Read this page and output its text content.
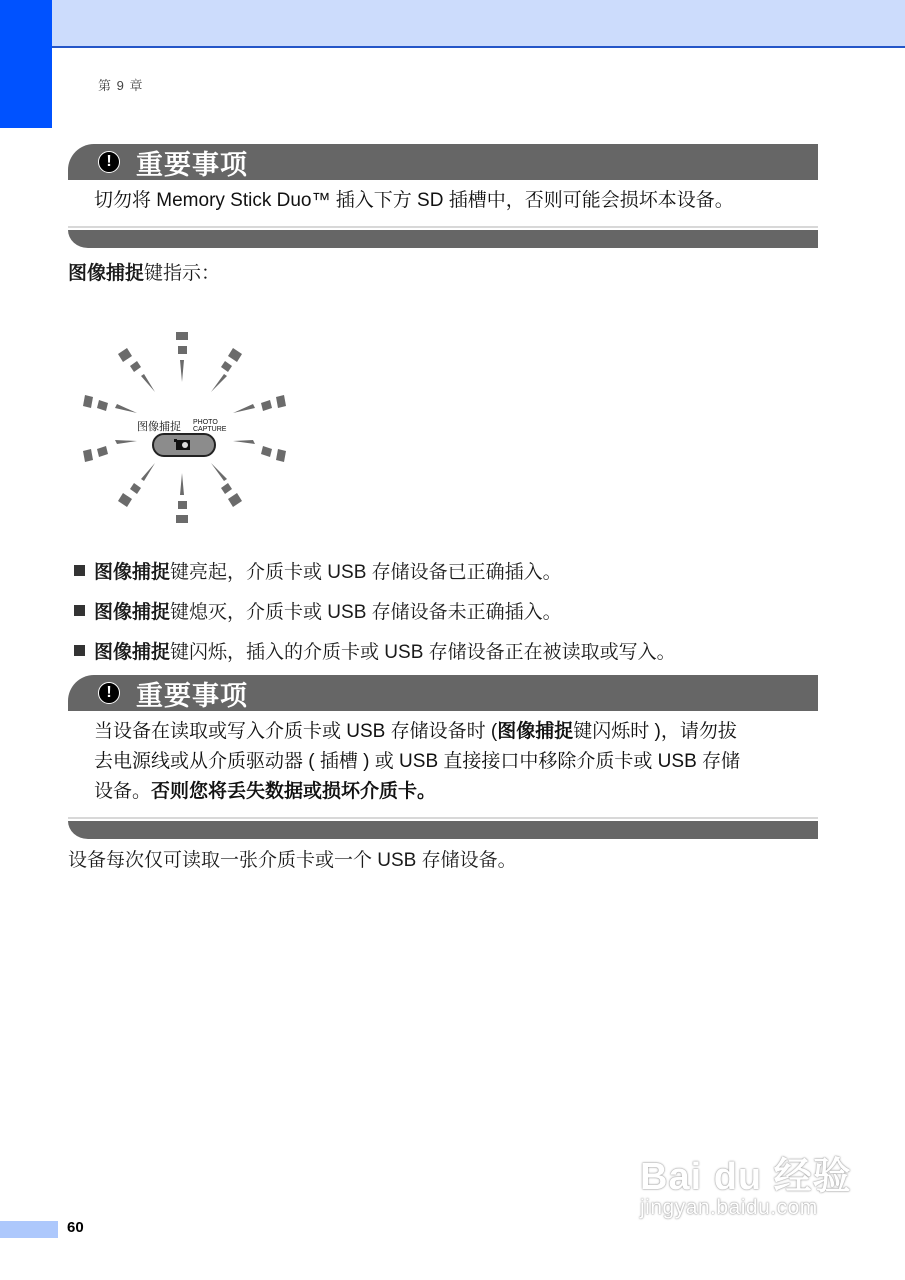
第 9 章
! 重要事项
切勿将 Memory Stick Duo™ 插入下方 SD 插槽中，否则可能会损坏本设备。
图像捕捉键指示：
图像捕捉 PHOTO
CAPTURE
图像捕捉 键亮起，介质卡或 USB 存储设备已正确插入。
图像捕捉 键熄灭，介质卡或 USB 存储设备未正确插入。
图像捕捉 键闪烁，插入的介质卡或 USB 存储设备正在被读取或写入。
! 重要事项
当设备在读取或写入介质卡或 USB 存储设备时 (图像捕捉键闪烁时 )，请勿拔
去电源线或从介质驱动器 ( 插槽 ) 或 USB 直接接口中移除介质卡或 USB 存储
设备。否则您将丢失数据或损坏介质卡。
设备每次仅可读取一张介质卡或一个 USB 存储设备。
60
Bai du 经验
jingyan.baidu.com
